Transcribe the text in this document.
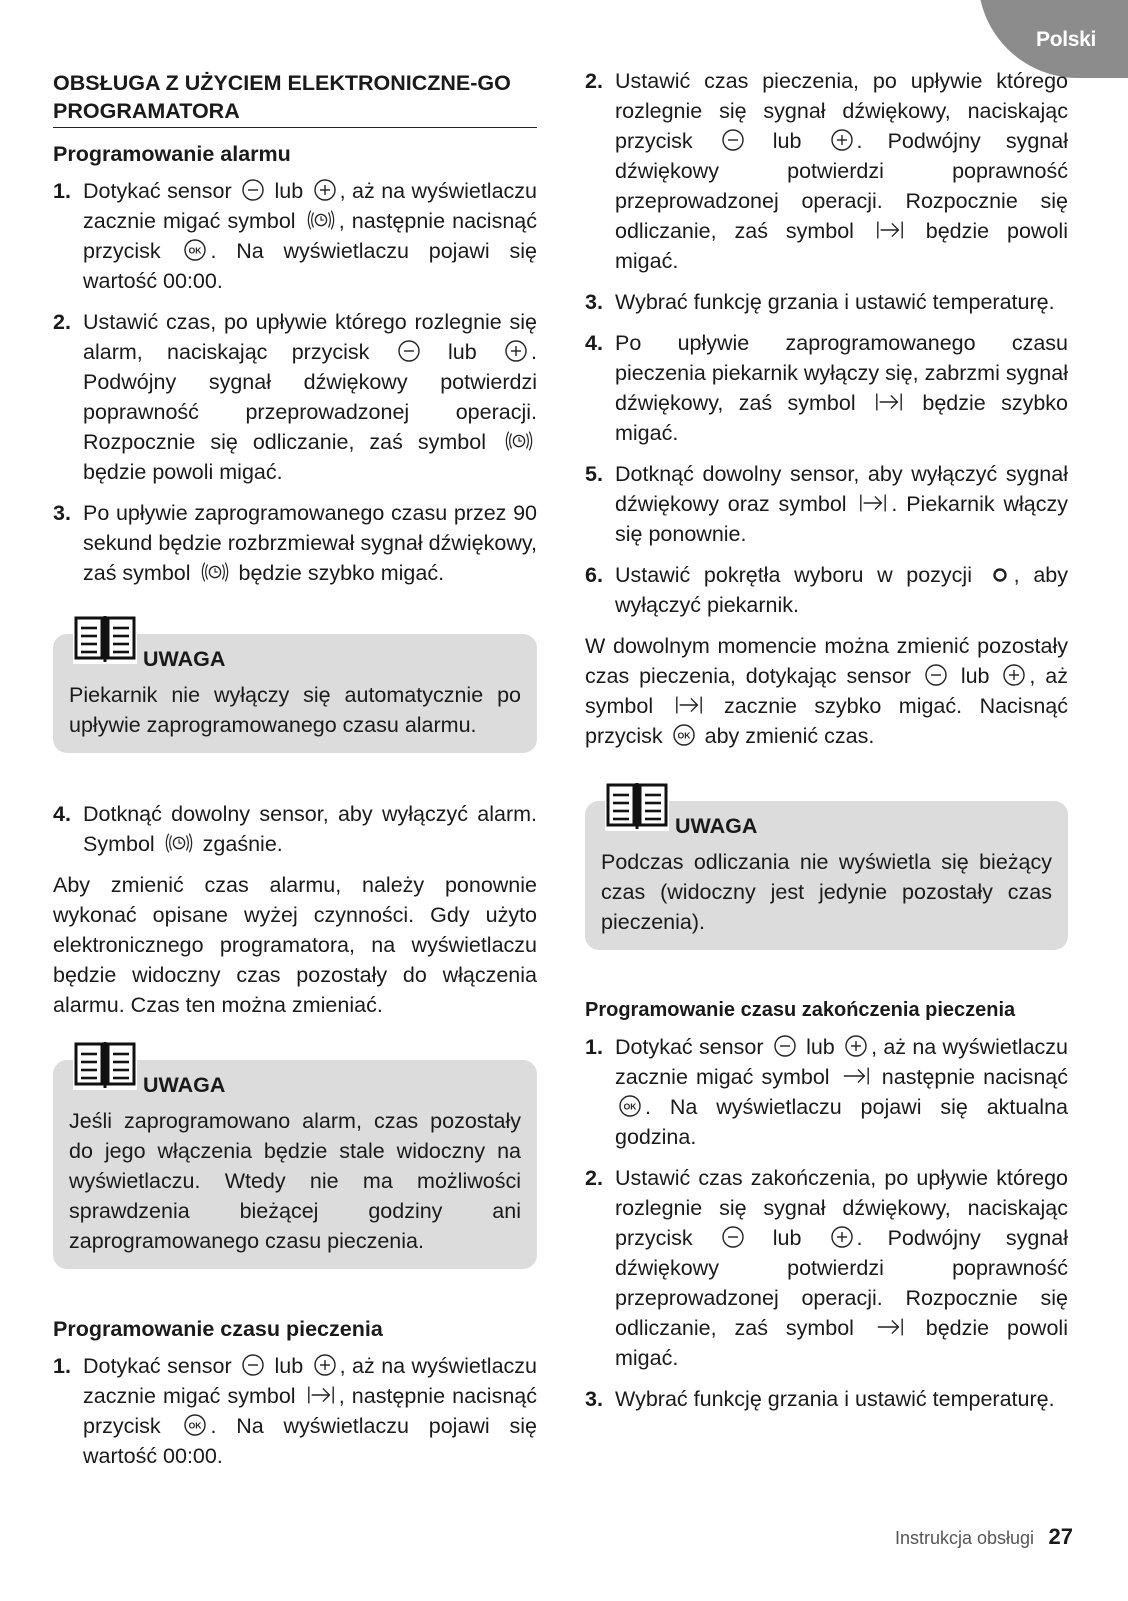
Polski
OBSŁUGA Z UŻYCIEM ELEKTRONICZNE-GO PROGRAMATORA
Programowanie alarmu
1. Dotykać sensor lub , aż na wyświetlaczu zacznie migać symbol , następnie nacisnąć przycisk . Na wyświetlaczu pojawi się wartość 00:00.
2. Ustawić czas, po upływie którego rozlegnie się alarm, naciskając przycisk	lub	. Podwójny sygnał dźwiękowy potwierdzi poprawność przeprowadzonej operacji. Rozpocznie się odliczanie, zaś symbol  będzie powoli migać.
3. Po upływie zaprogramowanego czasu przez 90 sekund będzie rozbrzmiewał sygnał dźwiękowy, zaś symbol będzie szybko migać.
UWAGA

Piekarnik nie wyłączy się automatycznie po upływie zaprogramowanego czasu alarmu.

4. Dotknąć dowolny sensor, aby wyłączyć alarm. Symbol zgaśnie.

Aby zmienić czas alarmu, należy ponownie wykonać opisane wyżej czynności. Gdy użyto elektronicznego programatora, na wyświetlaczu będzie widoczny czas pozostały do włączenia alarmu. Czas ten można zmieniać.

UWAGA

Jeśli zaprogramowano alarm, czas pozostały do jego włączenia będzie stale widoczny na wyświetlaczu. Wtedy nie ma możliwości sprawdzenia bieżącej godziny ani zaprogramowanego czasu pieczenia.

Programowanie czasu pieczenia
1. Dotykać sensor lub , aż na wyświetlaczu zacznie migać symbol , następnie nacisnąć przycisk . Na wyświetlaczu pojawi się wartość 00:00.
2. Ustawić czas pieczenia, po upływie którego rozlegnie się sygnał dźwiękowy, naciskając przycisk	lub	. Podwójny sygnał dźwiękowy potwierdzi poprawność przeprowadzonej operacji. Rozpocznie się odliczanie, zaś symbol	będzie powoli migać.
3. Wybrać funkcję grzania i ustawić temperaturę.
4. Po upływie zaprogramowanego czasu pieczenia piekarnik wyłączy się, zabrzmi sygnał dźwiękowy, zaś symbol	będzie szybko migać.
5. Dotknąć dowolny sensor, aby wyłączyć sygnał dźwiękowy oraz symbol . Piekarnik włączy się ponownie.
6. Ustawić pokrętła wyboru w pozycji , aby wyłączyć piekarnik.

W dowolnym momencie można zmienić pozostały czas pieczenia, dotykając sensor lub , aż symbol	zacznie szybko migać. Nacisnąć przycisk aby zmienić czas.

UWAGA

Podczas odliczania nie wyświetla się bieżący czas (widoczny jest jedynie pozostały czas pieczenia).

Programowanie czasu zakończenia pieczenia
1. Dotykać sensor lub , aż na wyświetlaczu zacznie migać symbol następnie nacisnąć . Na wyświetlaczu pojawi się aktualna godzina.
2. Ustawić czas zakończenia, po upływie którego rozlegnie się sygnał dźwiękowy, naciskając przycisk	lub	. Podwójny sygnał dźwiękowy potwierdzi poprawność przeprowadzonej operacji. Rozpocznie się odliczanie, zaś symbol	będzie powoli migać.
3. Wybrać funkcję grzania i ustawić temperaturę.
Instrukcja obsługi 27
